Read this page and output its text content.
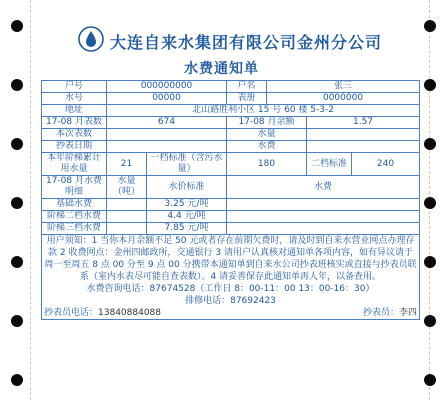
大连自来水集团有限公司金州分公司
水费通知单
户号	000000000		户名	张三		
水号	00000		表册	0000000		
地址	北山路胜利小区 15 号 60 楼 5-3-2					
17-08 月表数	674		17-08 月余额		1.57	
本次表数			水量			
抄表日期			水费			
本年阶梯累计用水量	21	一档标准（含污水量）	180		二档标准	240
17-08 月水费明细	水量（吨）	水价标准	水费			
基础水费		3.25 元/吨				
阶梯二档水费		4.4 元/吨				
阶梯三档水费		7.85 元/吨				

用户须知：1 当你本月余额不足 50 元或者存在前期欠费时，请及时到自来水营业网点办理存款 2 收费网点：金州四邮政所，交通银行 3 请用户认真核对通知单各项内容，如有异议请于周一至周五 8 点 00 分至 9 点 00 分携带本通知单到自来水公司抄表班核实或直接与抄表员联系（室内水表尽可能自查表数）。4 请妥善保存此通知单再人年，以备查用。
水费咨询电话：87674528（工作日 8：00-11：00 13：00-16：30）
排修电话：87692423
抄表员电话：13840884088 抄表员：李四						
